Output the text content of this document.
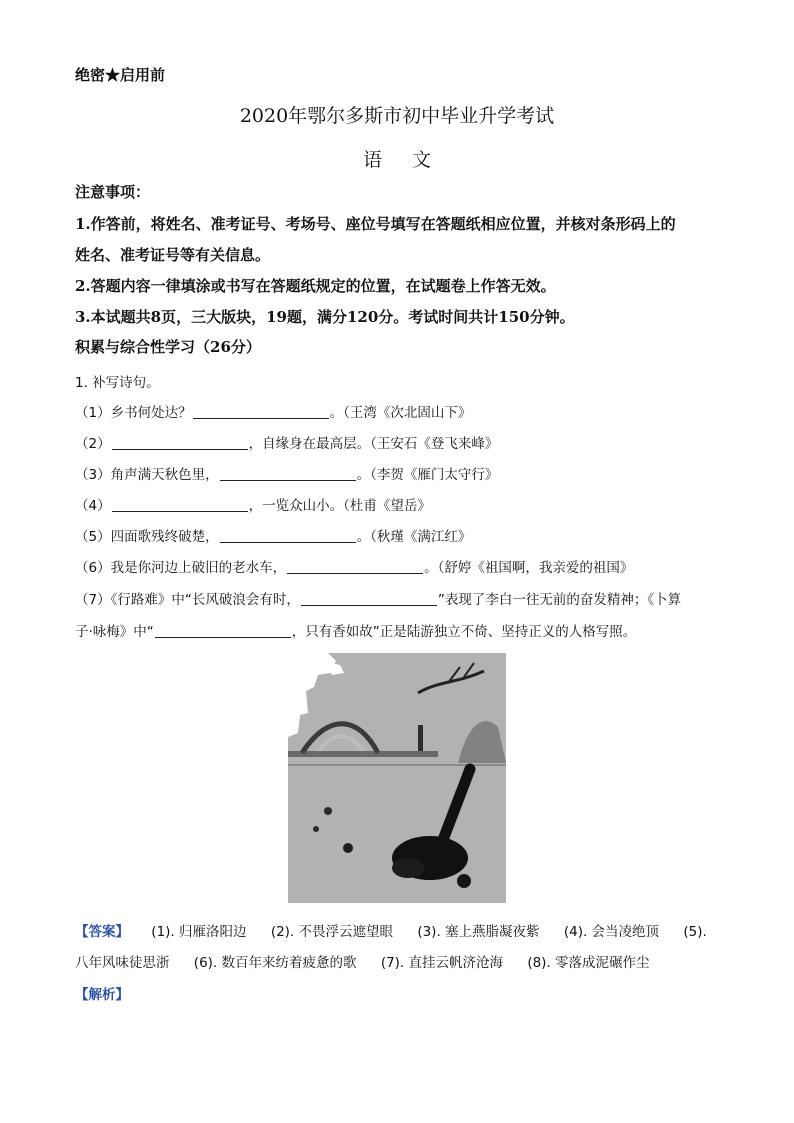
绝密★启用前
2020年鄂尔多斯市初中毕业升学考试
语文
注意事项：
1.作答前，将姓名、准考证号、考场号、座位号填写在答题纸相应位置，并核对条形码上的
姓名、准考证号等有关信息。
2.答题内容一律填涂或书写在答题纸规定的位置，在试题卷上作答无效。
3.本试题共8页，三大版块，19题，满分120分。考试时间共计150分钟。
积累与综合性学习（26分）
1. 补写诗句。
（1）乡书何处达？	。（王湾《次北固山下》
（2）	，自缘身在最高层。（王安石《登飞来峰》
（3）角声满天秋色里，	。（李贺《雁门太守行》
（4）	，一览众山小。（杜甫《望岳》
（5）四面歌残终破楚，	。（秋瑾《满江红》
（6）我是你河边上破旧的老水车，	。（舒婷《祖国啊，我亲爱的祖国》
（7）《行路难》中“长风破浪会有时，	”表现了李白一往无前的奋发精神；《卜算
子·咏梅》中“	，只有香如故”正是陆游独立不倚、坚持正义的人格写照。
【答案】 (1). 归雁洛阳边 (2). 不畏浮云遮望眼 (3). 塞上燕脂凝夜紫 (4). 会当凌绝顶 (5).
八年风味徒思浙 (6). 数百年来纺着疲惫的歌 (7). 直挂云帆济沧海 (8). 零落成泥碾作尘
【解析】
